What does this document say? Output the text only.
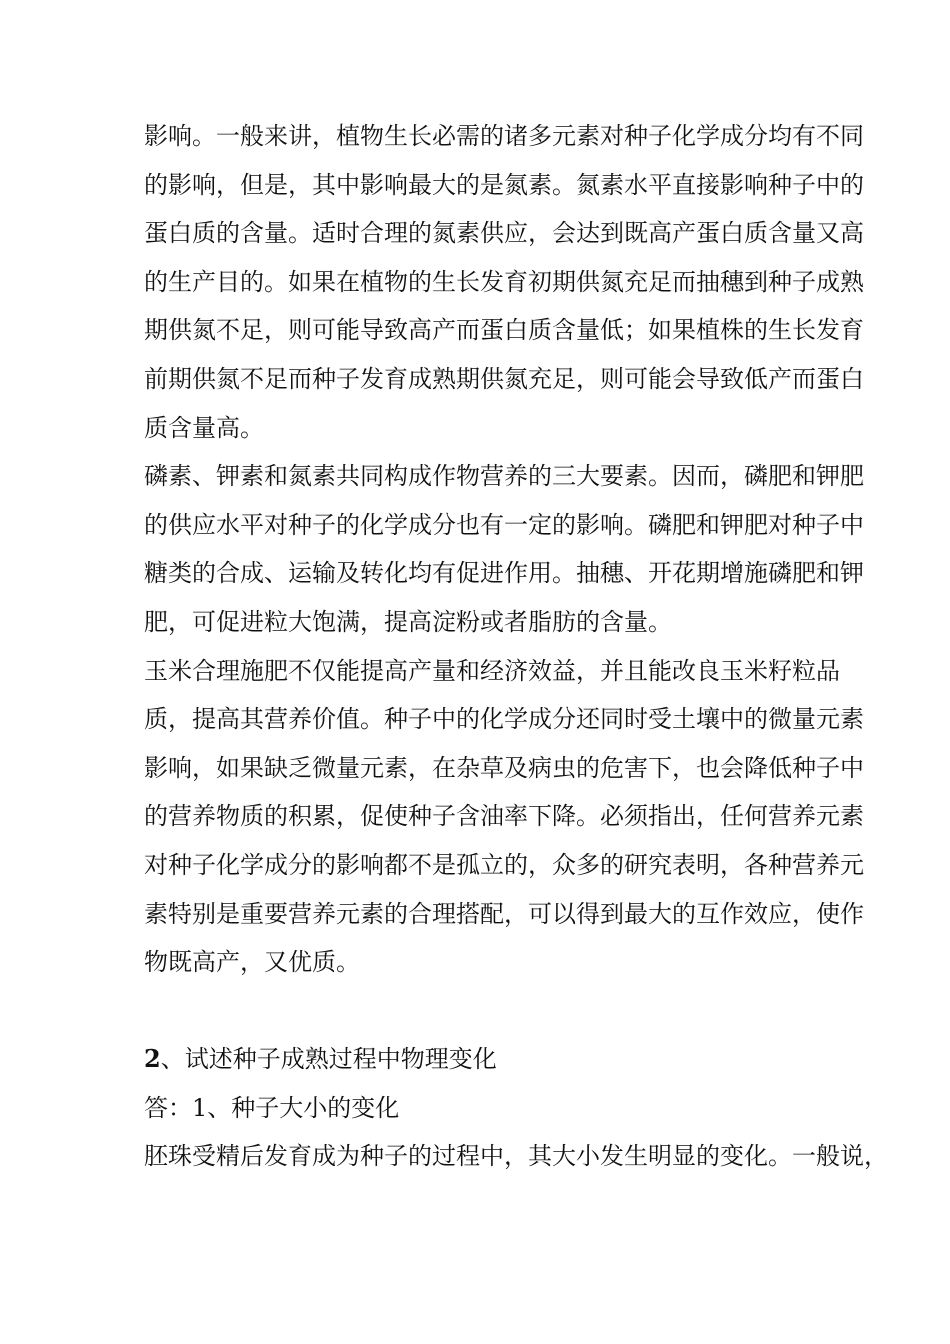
影响。一般来讲，植物生长必需的诸多元素对种子化学成分均有不同
的影响，但是，其中影响最大的是氮素。氮素水平直接影响种子中的
蛋白质的含量。适时合理的氮素供应，会达到既高产蛋白质含量又高
的生产目的。如果在植物的生长发育初期供氮充足而抽穗到种子成熟
期供氮不足，则可能导致高产而蛋白质含量低；如果植株的生长发育
前期供氮不足而种子发育成熟期供氮充足，则可能会导致低产而蛋白
质含量高。
磷素、钾素和氮素共同构成作物营养的三大要素。因而，磷肥和钾肥
的供应水平对种子的化学成分也有一定的影响。磷肥和钾肥对种子中
糖类的合成、运输及转化均有促进作用。抽穗、开花期增施磷肥和钾
肥，可促进粒大饱满，提高淀粉或者脂肪的含量。
玉米合理施肥不仅能提高产量和经济效益，并且能改良玉米籽粒品
质，提高其营养价值。种子中的化学成分还同时受土壤中的微量元素
影响，如果缺乏微量元素，在杂草及病虫的危害下，也会降低种子中
的营养物质的积累，促使种子含油率下降。必须指出，任何营养元素
对种子化学成分的影响都不是孤立的，众多的研究表明，各种营养元
素特别是重要营养元素的合理搭配，可以得到最大的互作效应，使作
物既高产，又优质。
2、试述种子成熟过程中物理变化
答：1、种子大小的变化
胚珠受精后发育成为种子的过程中，其大小发生明显的变化。一般说，
